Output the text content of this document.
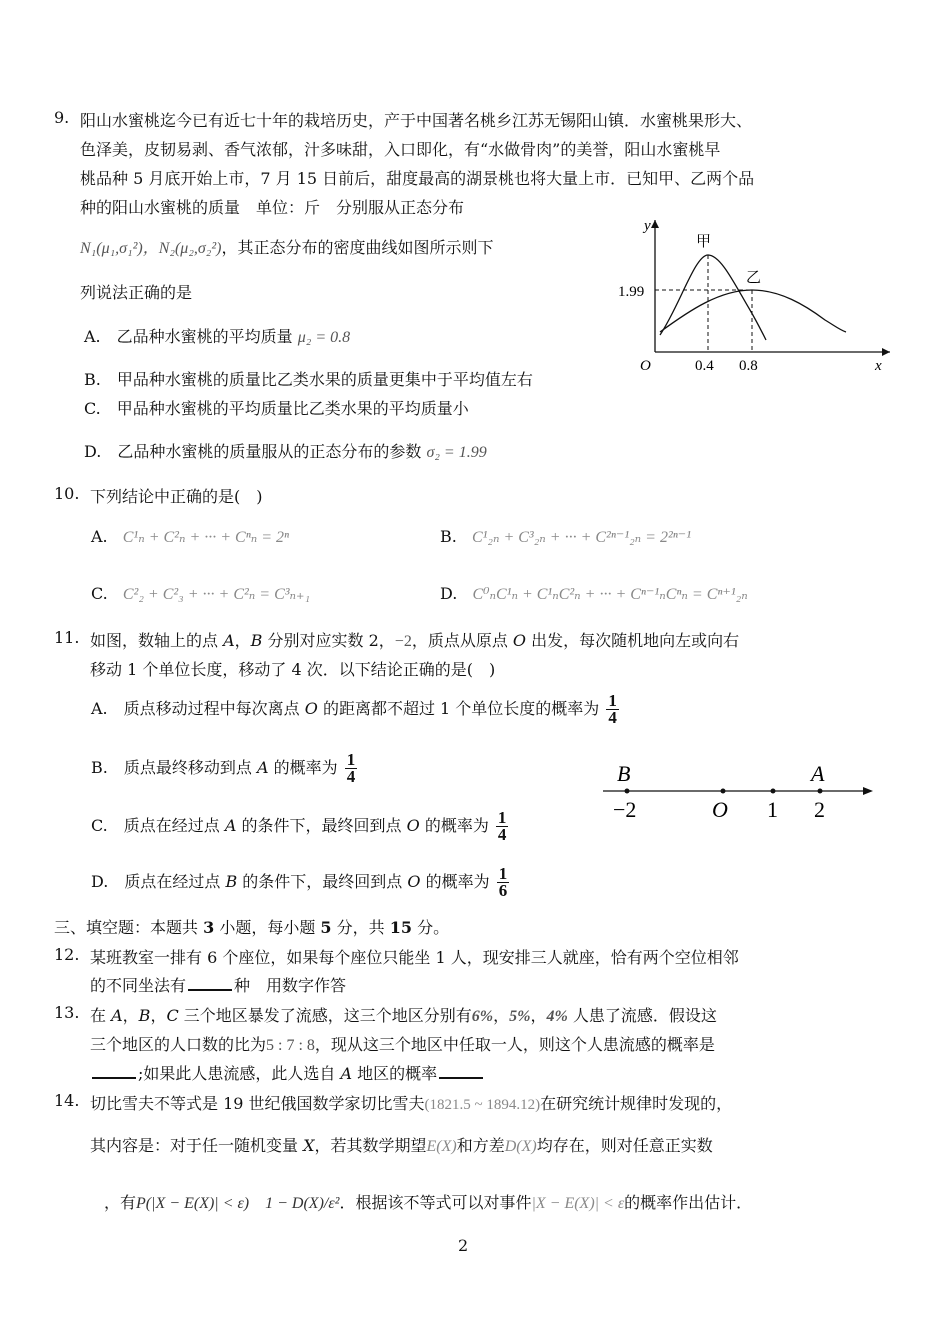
9. 阳山水蜜桃迄今已有近七十年的栽培历史，产于中国著名桃乡江苏无锡阳山镇．水蜜桃果形大、
色泽美，皮韧易剥、香气浓郁，汁多味甜，入口即化，有“水做骨肉”的美誉，阳山水蜜桃早
桃品种 5 月底开始上市，7 月 15 日前后，甜度最高的湖景桃也将大量上市．已知甲、乙两个品
种的阳山水蜜桃的质量　单位：斤　分别服从正态分布
N₁(μ₁,σ₁²)，N₂(μ₂,σ₂²)，其正态分布的密度曲线如图所示则下
列说法正确的是
A.　乙品种水蜜桃的平均质量 μ₂ = 0.8
B.　甲品种水蜜桃的质量比乙类水果的质量更集中于平均值左右
C.　甲品种水蜜桃的平均质量比乙类水果的平均质量小
D.　乙品种水蜜桃的质量服从的正态分布的参数 σ₂ = 1.99
y
x
O
甲
乙
1.99
0.4 0.8
10. 下列结论中正确的是(　)
A. C¹ₙ + C²ₙ + ··· + Cⁿₙ = 2ⁿ	B. C¹₂ₙ + C³₂ₙ + ··· + C²ⁿ⁻¹₂ₙ = 2²ⁿ⁻¹
C. C²₂ + C²₃ + ··· + C²ₙ = C³ₙ₊₁	D. C⁰ₙC¹ₙ + C¹ₙC²ₙ + ··· + Cⁿ⁻¹ₙCⁿₙ = Cⁿ⁺¹₂ₙ
11. 如图，数轴上的点 A，B 分别对应实数 2，−2，质点从原点 O 出发，每次随机地向左或向右
移动 1 个单位长度，移动了 4 次．以下结论正确的是(　)
A.　质点移动过程中每次离点 O 的距离都不超过 1 个单位长度的概率为 $\frac{1}{4}$
B.　质点最终移动到点 A 的概率为 $\frac{1}{4}$
C.　质点在经过点 A 的条件下，最终回到点 O 的概率为 $\frac{1}{4}$
D.　质点在经过点 B 的条件下，最终回到点 O 的概率为 $\frac{1}{6}$
B	A
−2	O 1 2
三、填空题：本题共 3 小题，每小题 5 分，共 15 分。
12. 某班教室一排有 6 个座位，如果每个座位只能坐 1 人，现安排三人就座，恰有两个空位相邻
的不同坐法有	种　用数字作答
13. 在 A，B，C 三个地区暴发了流感，这三个地区分别有6%，5%，4% 人患了流感．假设这
三个地区的人口数的比为5 : 7 : 8，现从这三个地区中任取一人，则这个人患流感的概率是
;如果此人患流感，此人选自 A 地区的概率
14. 切比雪夫不等式是 19 世纪俄国数学家切比雪夫(1821.5 ~ 1894.12)在研究统计规律时发现的，
其内容是：对于任一随机变量 X，若其数学期望E(X)和方差D(X)均存在，则对任意正实数
，有P(|X − E(X)| < ε)　1 − D(X)/ε²．根据该不等式可以对事件|X − E(X)| < ε的概率作出估计．
2
